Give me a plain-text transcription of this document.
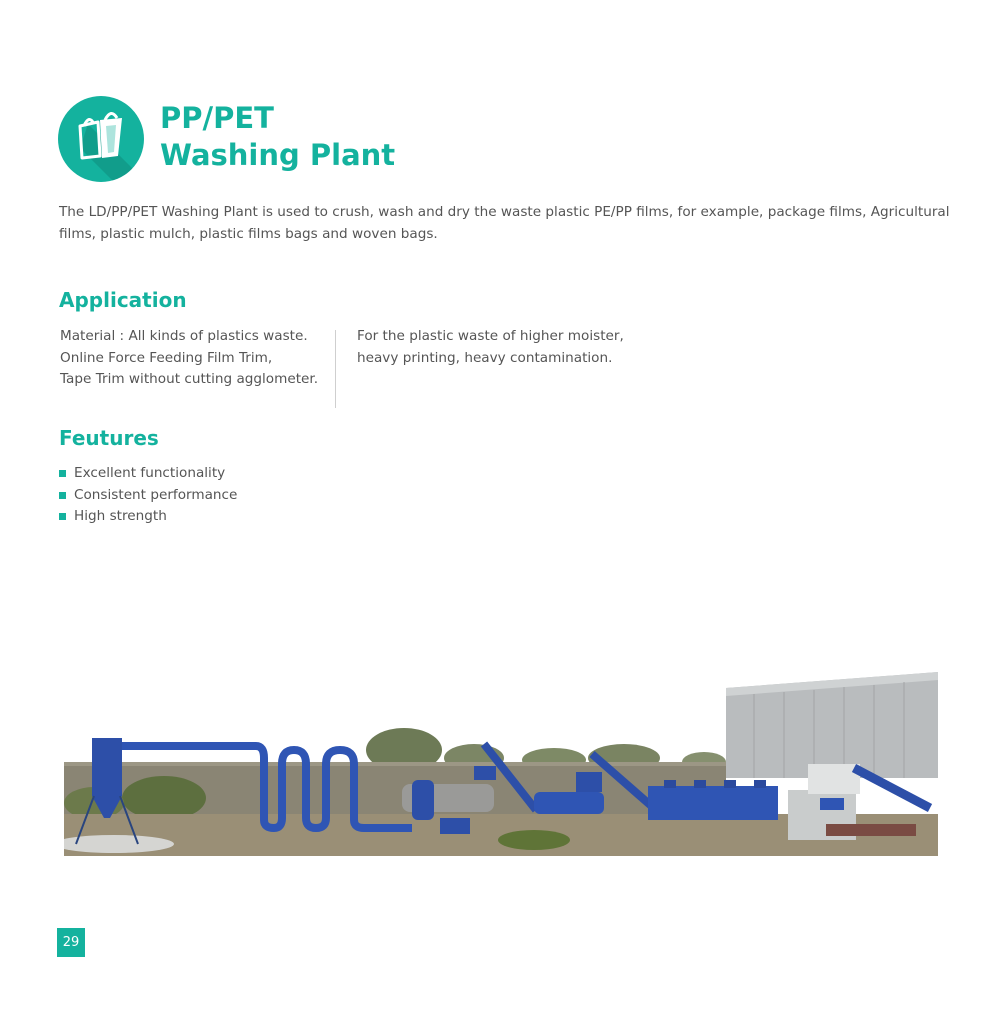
PP/PET
Washing Plant
The LD/PP/PET Washing Plant is used to crush, wash and dry the waste plastic PE/PP films, for example, package films, Agricultural films, plastic mulch, plastic films bags and woven bags.
Application
Material : All kinds of plastics waste.
Online Force Feeding Film Trim,
Tape Trim without cutting agglometer.
For the plastic waste of higher moister,
heavy printing, heavy contamination.
Feutures
Excellent functionality
Consistent performance
High strength
29
